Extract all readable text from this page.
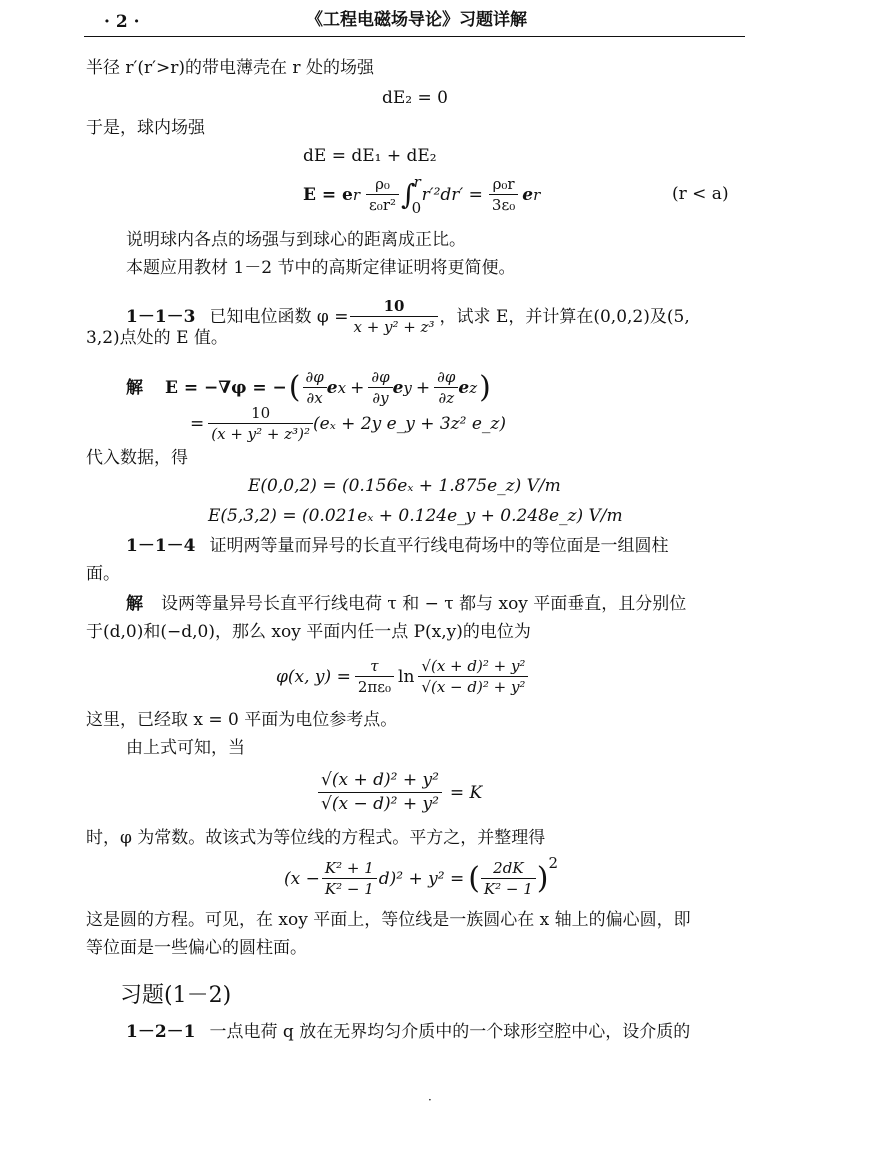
· 2 ·	《工程电磁场导论》习题详解
半径 r′(r′>r)的带电薄壳在 r 处的场强
dE₂ = 0
于是，球内场强
dE = dE₁ + dE₂
E = e r $\frac{\text{ρ₀}}{\text{ε₀r²}}$ ∫
r
0
$r'^2dr' = \frac{\text{ρ₀r}}{\text{3ε₀}}$ e r	(r < a)
说明球内各点的场强与到球心的距离成正比。
本题应用教材 1－2 节中的高斯定律证明将更简便。
1－1－3 已知电位函数 $\varphi = \frac{10}{\text{x + y² + z³}}$ ，试求 E，并计算在(0,0,2)及(5,
3,2)点处的 E 值。
解 E = −∇φ = − ( $\frac{\partial\varphi}{\partial x}$ e $x + \frac{\partial\varphi}{\partial y}$ e $y + \frac{\partial\varphi}{\partial z}$ e z )
= $\frac{10}{\text{(x + y² + z³)²}} (e_x + 2y$ e_y + 3z² e_z)
代入数据，得
E(0,0,2) = (0.156eₓ + 1.875e_z) V/m
E(5,3,2) = (0.021eₓ + 0.124e_y + 0.248e_z) V/m
1－1－4 证明两等量而异号的长直平行线电荷场中的等位面是一组圆柱
面。
解 设两等量异号长直平行线电荷 τ 和 − τ 都与 xoy 平面垂直，且分别位
于(d,0)和(−d,0)，那么 xoy 平面内任一点 P(x,y)的电位为
φ(x, $y) = \frac{\tau}{\text{2πε₀}}$ $\ln \frac{\text{√(x + d)² + y²}}{\text{√(x − d)² + y²}}$
这里，已经取 x = 0 平面为电位参考点。
由上式可知，当
$\frac{\text{√(x + d)² + y²}}{\text{√(x − d)² + y²}} = K$
时，φ 为常数。故该式为等位线的方程式。平方之，并整理得
$(x - \frac{\text{K² + 1}}{\text{K² − 1}} d)^2 + y^2$ = ( $\frac{2dK}{\text{K² − 1}}$ ) 2
这是圆的方程。可见，在 xoy 平面上，等位线是一族圆心在 x 轴上的偏心圆，即
等位面是一些偏心的圆柱面。
习题(1－2)
1－2－1 一点电荷 q 放在无界均匀介质中的一个球形空腔中心，设介质的
·
